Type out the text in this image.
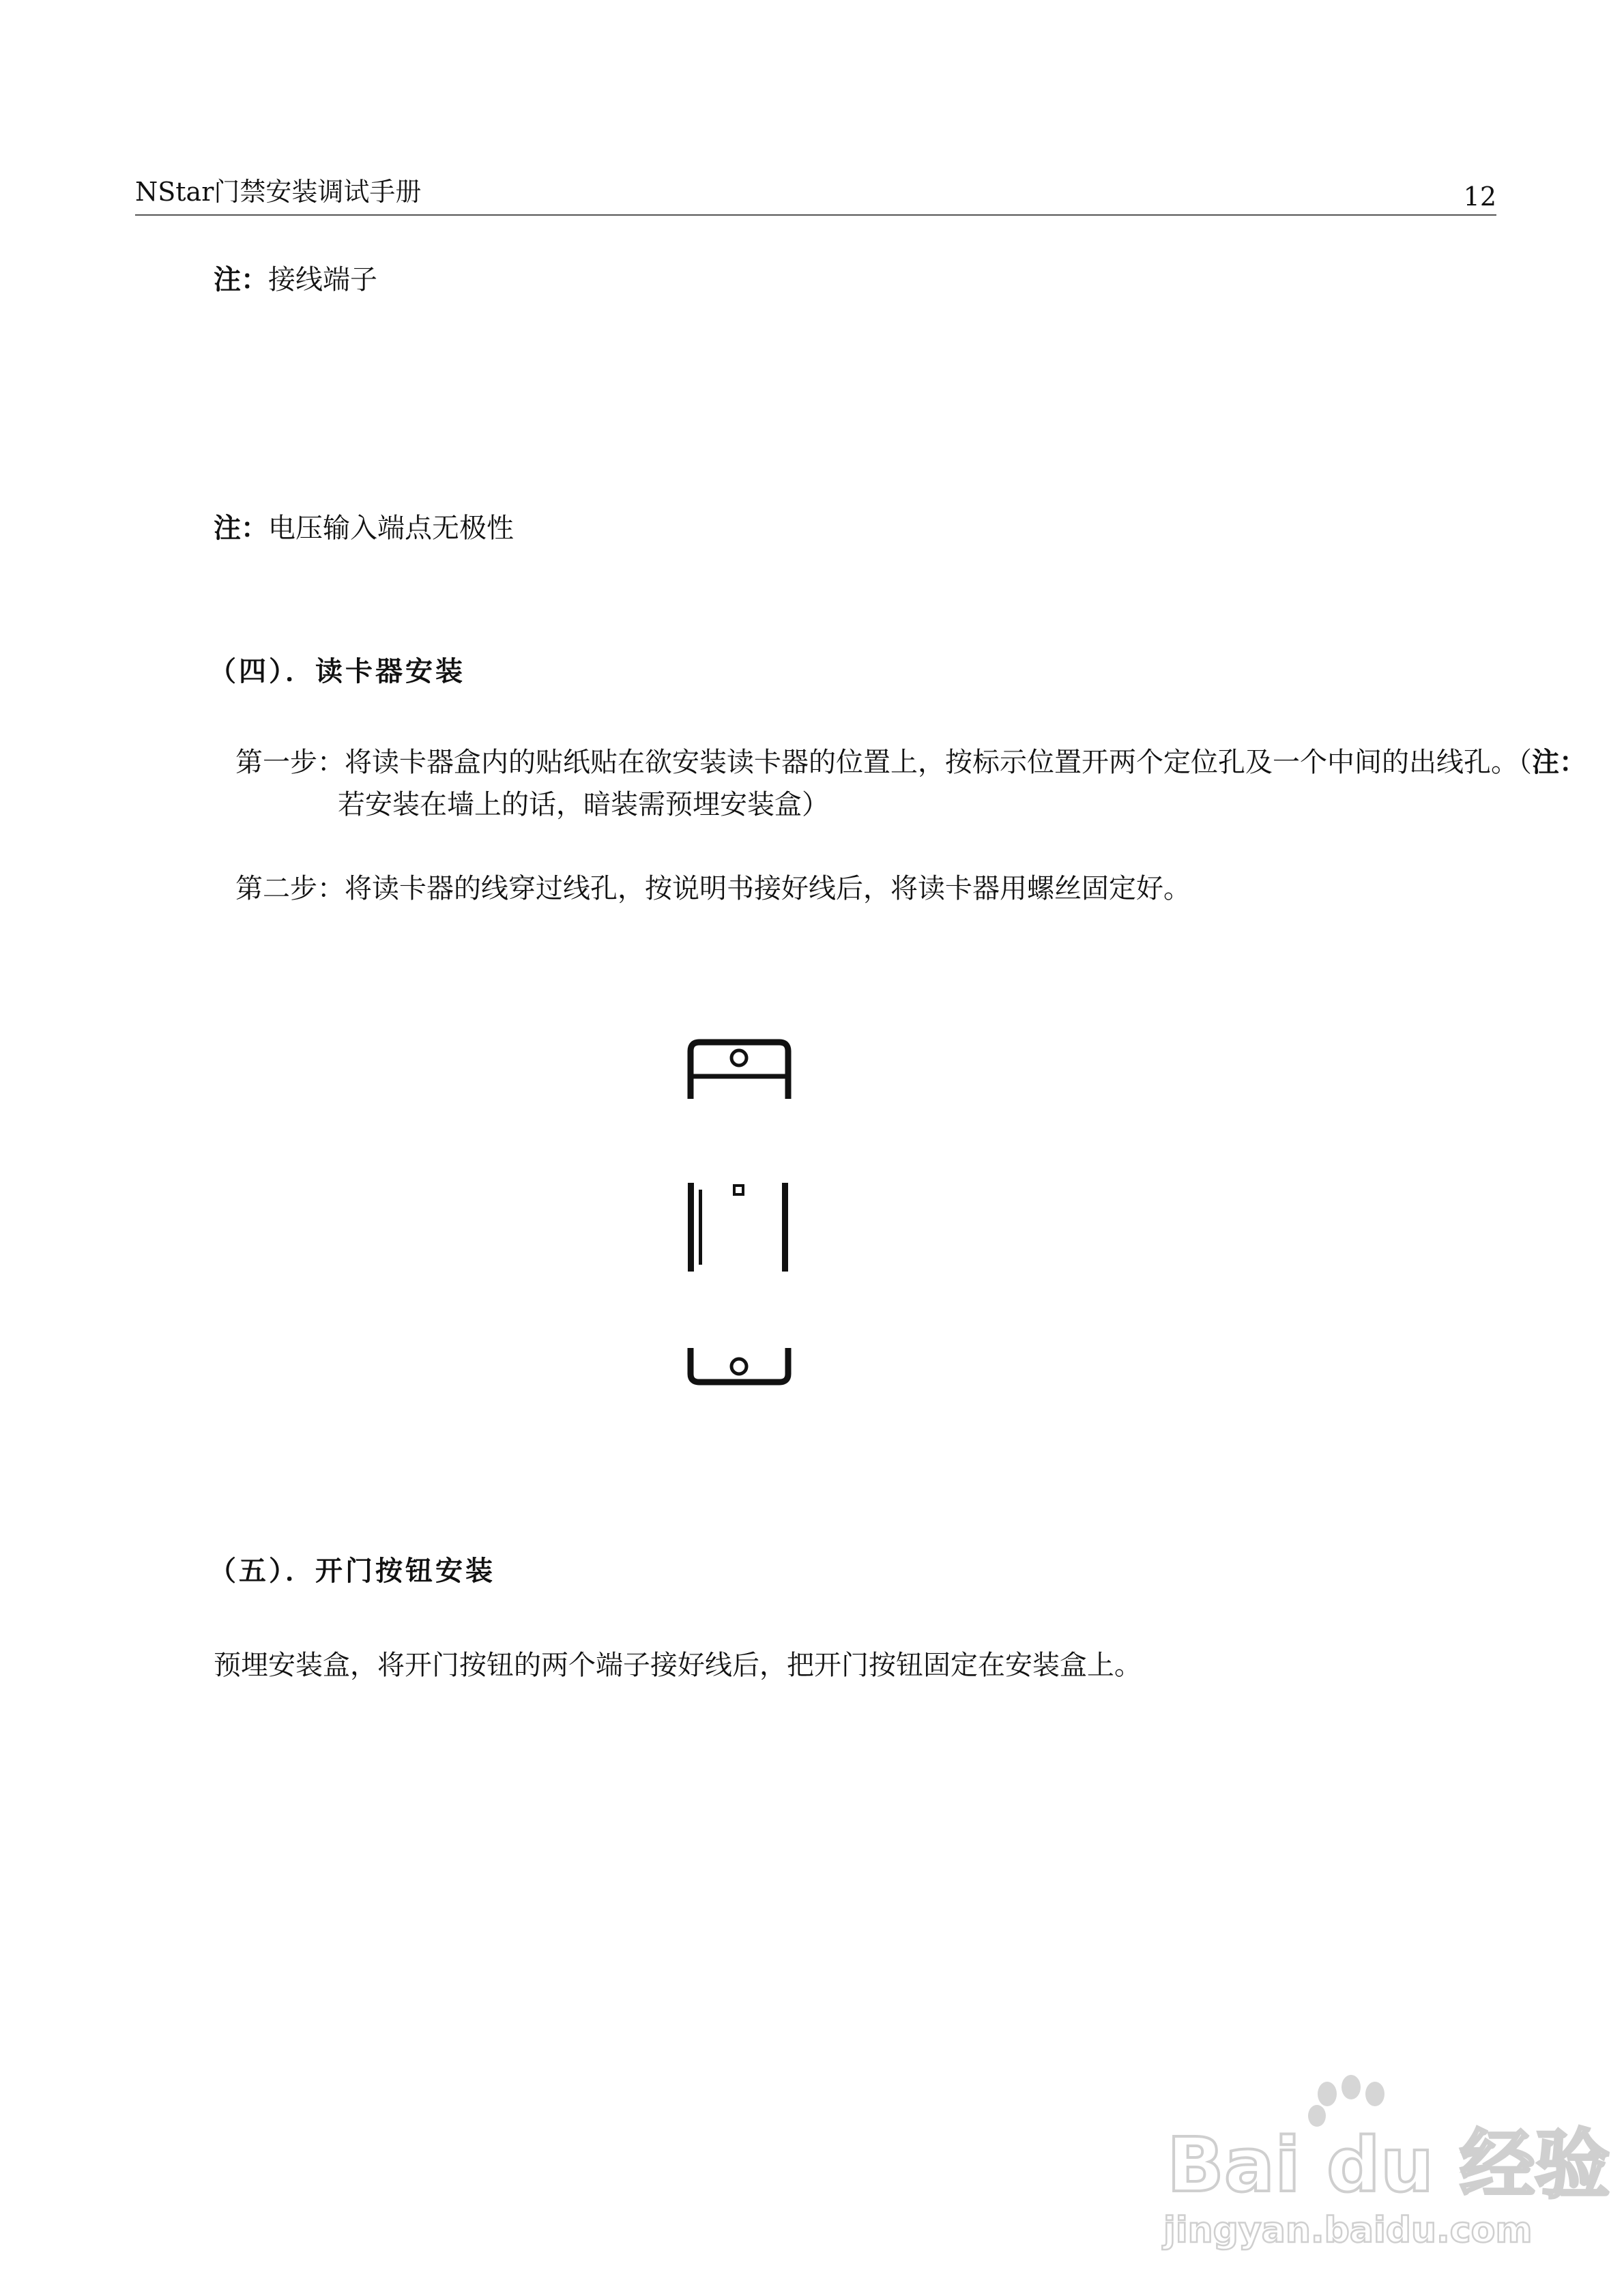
NStar门禁安装调试手册	12
注：接线端子
注：电压输入端点无极性
（四）．读卡器安装
第一步：将读卡器盒内的贴纸贴在欲安装读卡器的位置上，按标示位置开两个定位孔及一个中间的出线孔。（注：若安装在墙上的话，暗装需预埋安装盒）
第二步：将读卡器的线穿过线孔，按说明书接好线后，将读卡器用螺丝固定好。
（五）．开门按钮安装
预埋安装盒，将开门按钮的两个端子接好线后，把开门按钮固定在安装盒上。
Bai du 经验
jingyan.baidu.com
